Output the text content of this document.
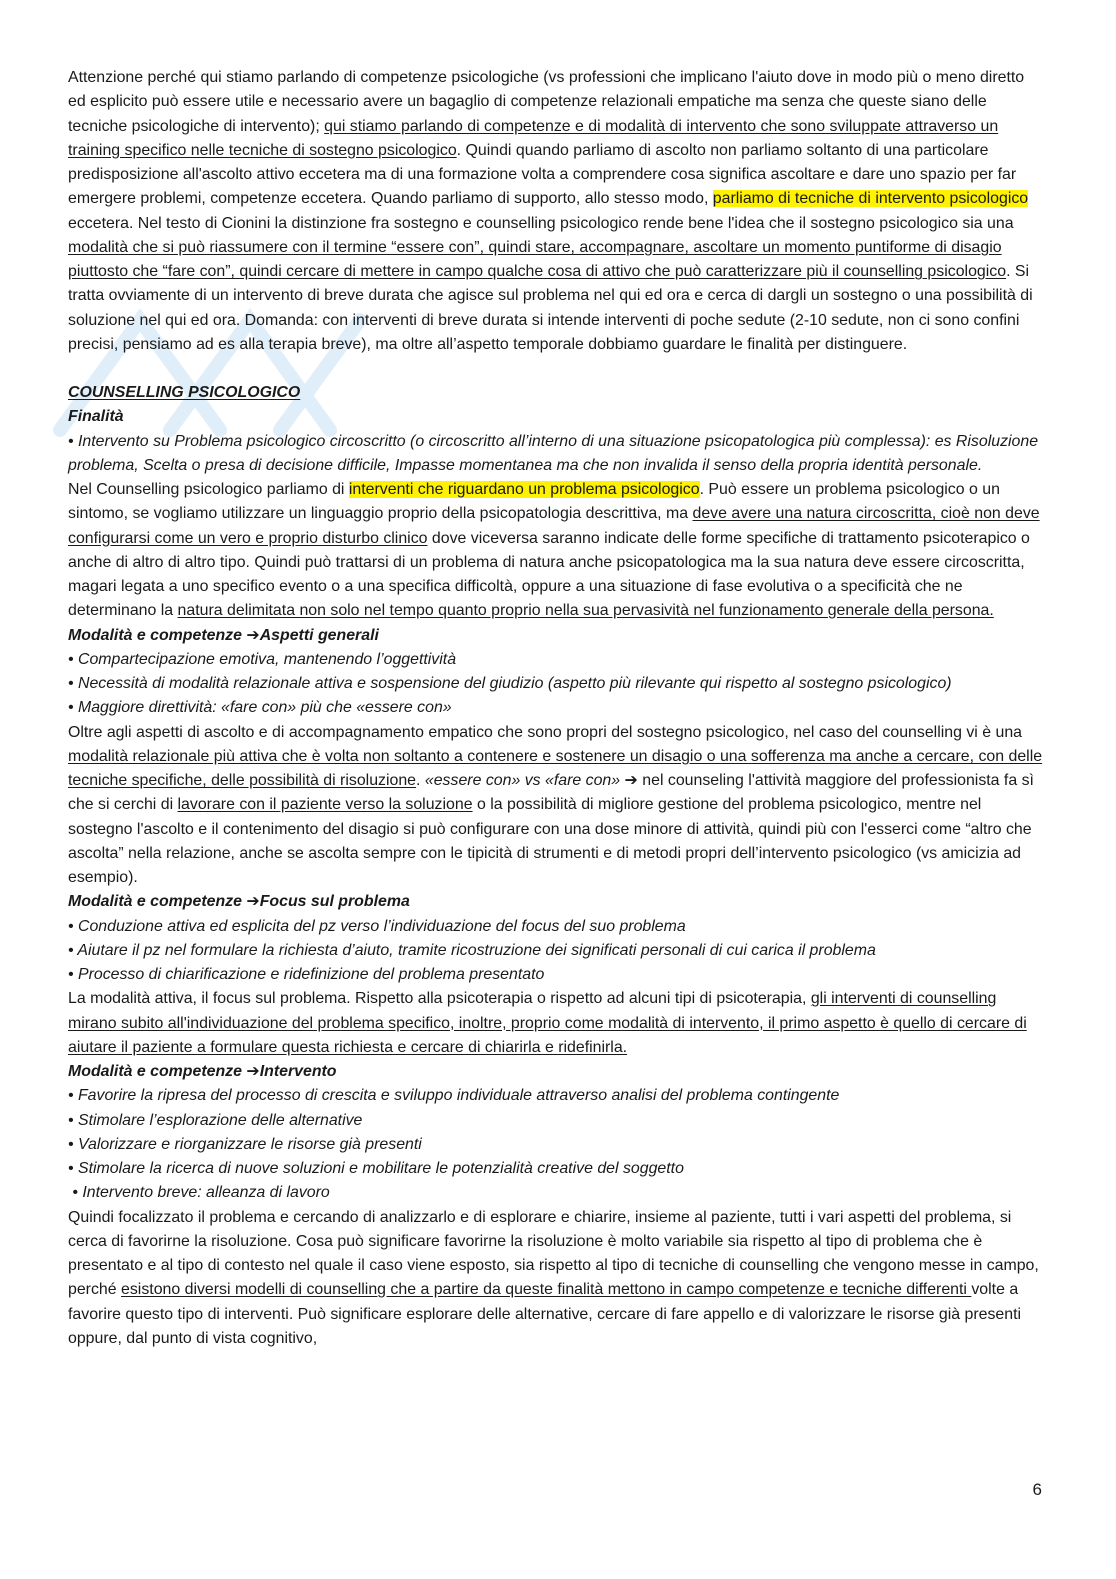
Attenzione perché qui stiamo parlando di competenze psicologiche (vs professioni che implicano l'aiuto dove in modo più o meno diretto ed esplicito può essere utile e necessario avere un bagaglio di competenze relazionali empatiche ma senza che queste siano delle tecniche psicologiche di intervento); qui stiamo parlando di competenze e di modalità di intervento che sono sviluppate attraverso un training specifico nelle tecniche di sostegno psicologico. Quindi quando parliamo di ascolto non parliamo soltanto di una particolare predisposizione all'ascolto attivo eccetera ma di una formazione volta a comprendere cosa significa ascoltare e dare uno spazio per far emergere problemi, competenze eccetera. Quando parliamo di supporto, allo stesso modo, parliamo di tecniche di intervento psicologico eccetera. Nel testo di Cionini la distinzione fra sostegno e counselling psicologico rende bene l'idea che il sostegno psicologico sia una modalità che si può riassumere con il termine “essere con”, quindi stare, accompagnare, ascoltare un momento puntiforme di disagio piuttosto che “fare con”, quindi cercare di mettere in campo qualche cosa di attivo che può caratterizzare più il counselling psicologico. Si tratta ovviamente di un intervento di breve durata che agisce sul problema nel qui ed ora e cerca di dargli un sostegno o una possibilità di soluzione nel qui ed ora. Domanda: con interventi di breve durata si intende interventi di poche sedute (2-10 sedute, non ci sono confini precisi, pensiamo ad es alla terapia breve), ma oltre all’aspetto temporale dobbiamo guardare le finalità per distinguere.

COUNSELLING PSICOLOGICO

Finalità

• Intervento su Problema psicologico circoscritto (o circoscritto all’interno di una situazione psicopatologica più complessa): es Risoluzione problema, Scelta o presa di decisione difficile, Impasse momentanea ma che non invalida il senso della propria identità personale.

Nel Counselling psicologico parliamo di interventi che riguardano un problema psicologico. Può essere un problema psicologico o un sintomo, se vogliamo utilizzare un linguaggio proprio della psicopatologia descrittiva, ma deve avere una natura circoscritta, cioè non deve configurarsi come un vero e proprio disturbo clinico dove viceversa saranno indicate delle forme specifiche di trattamento psicoterapico o anche di altro di altro tipo. Quindi può trattarsi di un problema di natura anche psicopatologica ma la sua natura deve essere circoscritta, magari legata a uno specifico evento o a una specifica difficoltà, oppure a una situazione di fase evolutiva o a specificità che ne determinano la natura delimitata non solo nel tempo quanto proprio nella sua pervasività nel funzionamento generale della persona.

Modalità e competenze ➔Aspetti generali

• Compartecipazione emotiva, mantenendo l’oggettività

• Necessità di modalità relazionale attiva e sospensione del giudizio (aspetto più rilevante qui rispetto al sostegno psicologico)

• Maggiore direttività: «fare con» più che «essere con»

Oltre agli aspetti di ascolto e di accompagnamento empatico che sono propri del sostegno psicologico, nel caso del counselling vi è una modalità relazionale più attiva che è volta non soltanto a contenere e sostenere un disagio o una sofferenza ma anche a cercare, con delle tecniche specifiche, delle possibilità di risoluzione. «essere con» vs «fare con» ➔ nel counseling l'attività maggiore del professionista fa sì che si cerchi di lavorare con il paziente verso la soluzione o la possibilità di migliore gestione del problema psicologico, mentre nel sostegno l'ascolto e il contenimento del disagio si può configurare con una dose minore di attività, quindi più con l'esserci come “altro che ascolta” nella relazione, anche se ascolta sempre con le tipicità di strumenti e di metodi propri dell’intervento psicologico (vs amicizia ad esempio).

Modalità e competenze ➔Focus sul problema

• Conduzione attiva ed esplicita del pz verso l’individuazione del focus del suo problema

• Aiutare il pz nel formulare la richiesta d’aiuto, tramite ricostruzione dei significati personali di cui carica il problema

• Processo di chiarificazione e ridefinizione del problema presentato

La modalità attiva, il focus sul problema. Rispetto alla psicoterapia o rispetto ad alcuni tipi di psicoterapia, gli interventi di counselling mirano subito all'individuazione del problema specifico, inoltre, proprio come modalità di intervento, il primo aspetto è quello di cercare di aiutare il paziente a formulare questa richiesta e cercare di chiarirla e ridefinirla.

Modalità e competenze ➔Intervento

• Favorire la ripresa del processo di crescita e sviluppo individuale attraverso analisi del problema contingente

• Stimolare l’esplorazione delle alternative

• Valorizzare e riorganizzare le risorse già presenti

• Stimolare la ricerca di nuove soluzioni e mobilitare le potenzialità creative del soggetto

• Intervento breve: alleanza di lavoro

Quindi focalizzato il problema e cercando di analizzarlo e di esplorare e chiarire, insieme al paziente, tutti i vari aspetti del problema, si cerca di favorirne la risoluzione. Cosa può significare favorirne la risoluzione è molto variabile sia rispetto al tipo di problema che è presentato e al tipo di contesto nel quale il caso viene esposto, sia rispetto al tipo di tecniche di counselling che vengono messe in campo, perché esistono diversi modelli di counselling che a partire da queste finalità mettono in campo competenze e tecniche differenti volte a favorire questo tipo di interventi. Può significare esplorare delle alternative, cercare di fare appello e di valorizzare le risorse già presenti oppure, dal punto di vista cognitivo,

6
